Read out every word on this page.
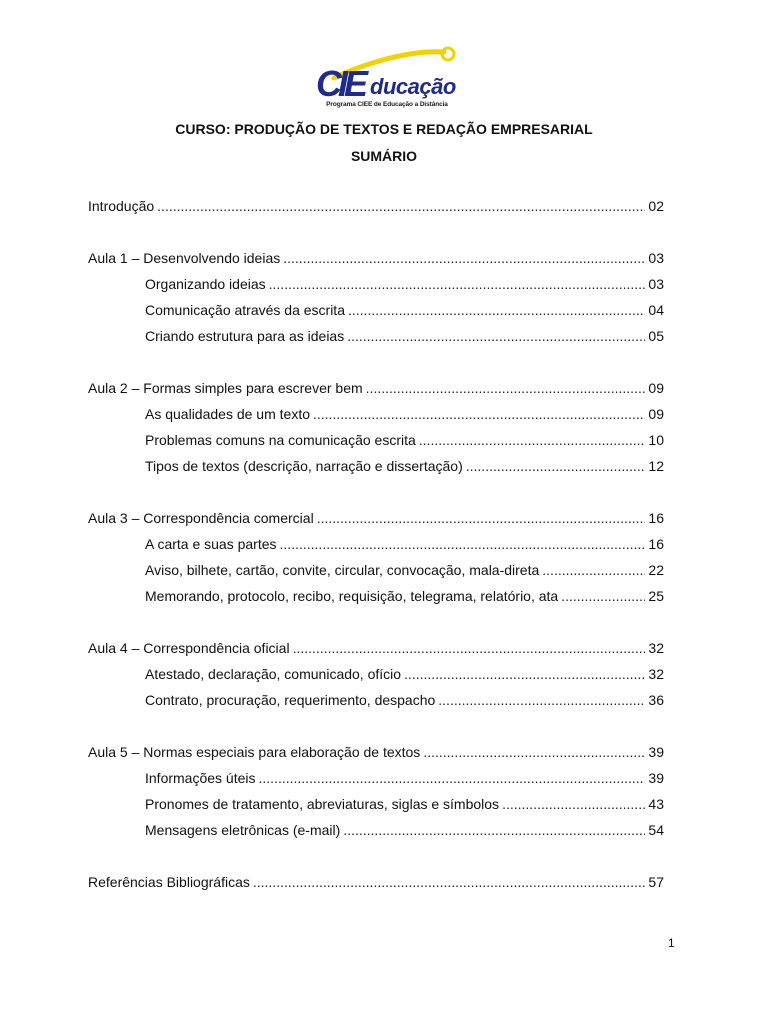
CIE ducação
Programa CIEE de Educação a Distância
CURSO: PRODUÇÃO DE TEXTOS E REDAÇÃO EMPRESARIAL
SUMÁRIO
Introdução .....	02
Aula 1 – Desenvolvendo ideias .....	03
Organizando ideias .....	03
Comunicação através da escrita .....	04
Criando estrutura para as ideias .....	05
Aula 2 – Formas simples para escrever bem .....	09
As qualidades de um texto .....	09
Problemas comuns na comunicação escrita .....	10
Tipos de textos (descrição, narração e dissertação) .....	12
Aula 3 – Correspondência comercial .....	16
A carta e suas partes .....	16
Aviso, bilhete, cartão, convite, circular, convocação, mala-direta .....	22
Memorando, protocolo, recibo, requisição, telegrama, relatório, ata .....	25
Aula 4 – Correspondência oficial .....	32
Atestado, declaração, comunicado, ofício .....	32
Contrato, procuração, requerimento, despacho .....	36
Aula 5 – Normas especiais para elaboração de textos .....	39
Informações úteis .....	39
Pronomes de tratamento, abreviaturas, siglas e símbolos .....	43
Mensagens eletrônicas (e-mail) .....	54
Referências Bibliográficas .....	57
1
